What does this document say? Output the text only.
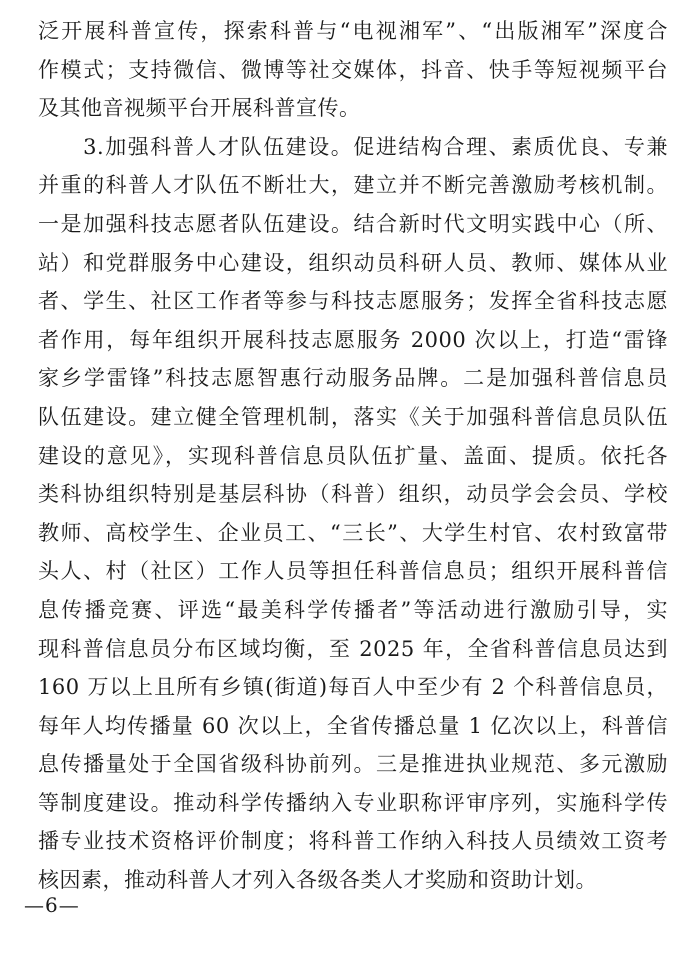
泛开展科普宣传，探索科普与“电视湘军”、“出版湘军”深度合
作模式；支持微信、微博等社交媒体，抖音、快手等短视频平台
及其他音视频平台开展科普宣传。
　　3.加强科普人才队伍建设。促进结构合理、素质优良、专兼
并重的科普人才队伍不断壮大，建立并不断完善激励考核机制。
一是加强科技志愿者队伍建设。结合新时代文明实践中心（所、
站）和党群服务中心建设，组织动员科研人员、教师、媒体从业
者、学生、社区工作者等参与科技志愿服务；发挥全省科技志愿
者作用，每年组织开展科技志愿服务 2000 次以上，打造“雷锋
家乡学雷锋”科技志愿智惠行动服务品牌。二是加强科普信息员
队伍建设。建立健全管理机制，落实《关于加强科普信息员队伍
建设的意见》，实现科普信息员队伍扩量、盖面、提质。依托各
类科协组织特别是基层科协（科普）组织，动员学会会员、学校
教师、高校学生、企业员工、“三长”、大学生村官、农村致富带
头人、村（社区）工作人员等担任科普信息员；组织开展科普信
息传播竞赛、评选“最美科学传播者”等活动进行激励引导，实
现科普信息员分布区域均衡，至 2025 年，全省科普信息员达到
160 万以上且所有乡镇(街道)每百人中至少有 2 个科普信息员，
每年人均传播量 60 次以上，全省传播总量 1 亿次以上，科普信
息传播量处于全国省级科协前列。三是推进执业规范、多元激励
等制度建设。推动科学传播纳入专业职称评审序列，实施科学传
播专业技术资格评价制度；将科普工作纳入科技人员绩效工资考
核因素，推动科普人才列入各级各类人才奖励和资助计划。
—6—
